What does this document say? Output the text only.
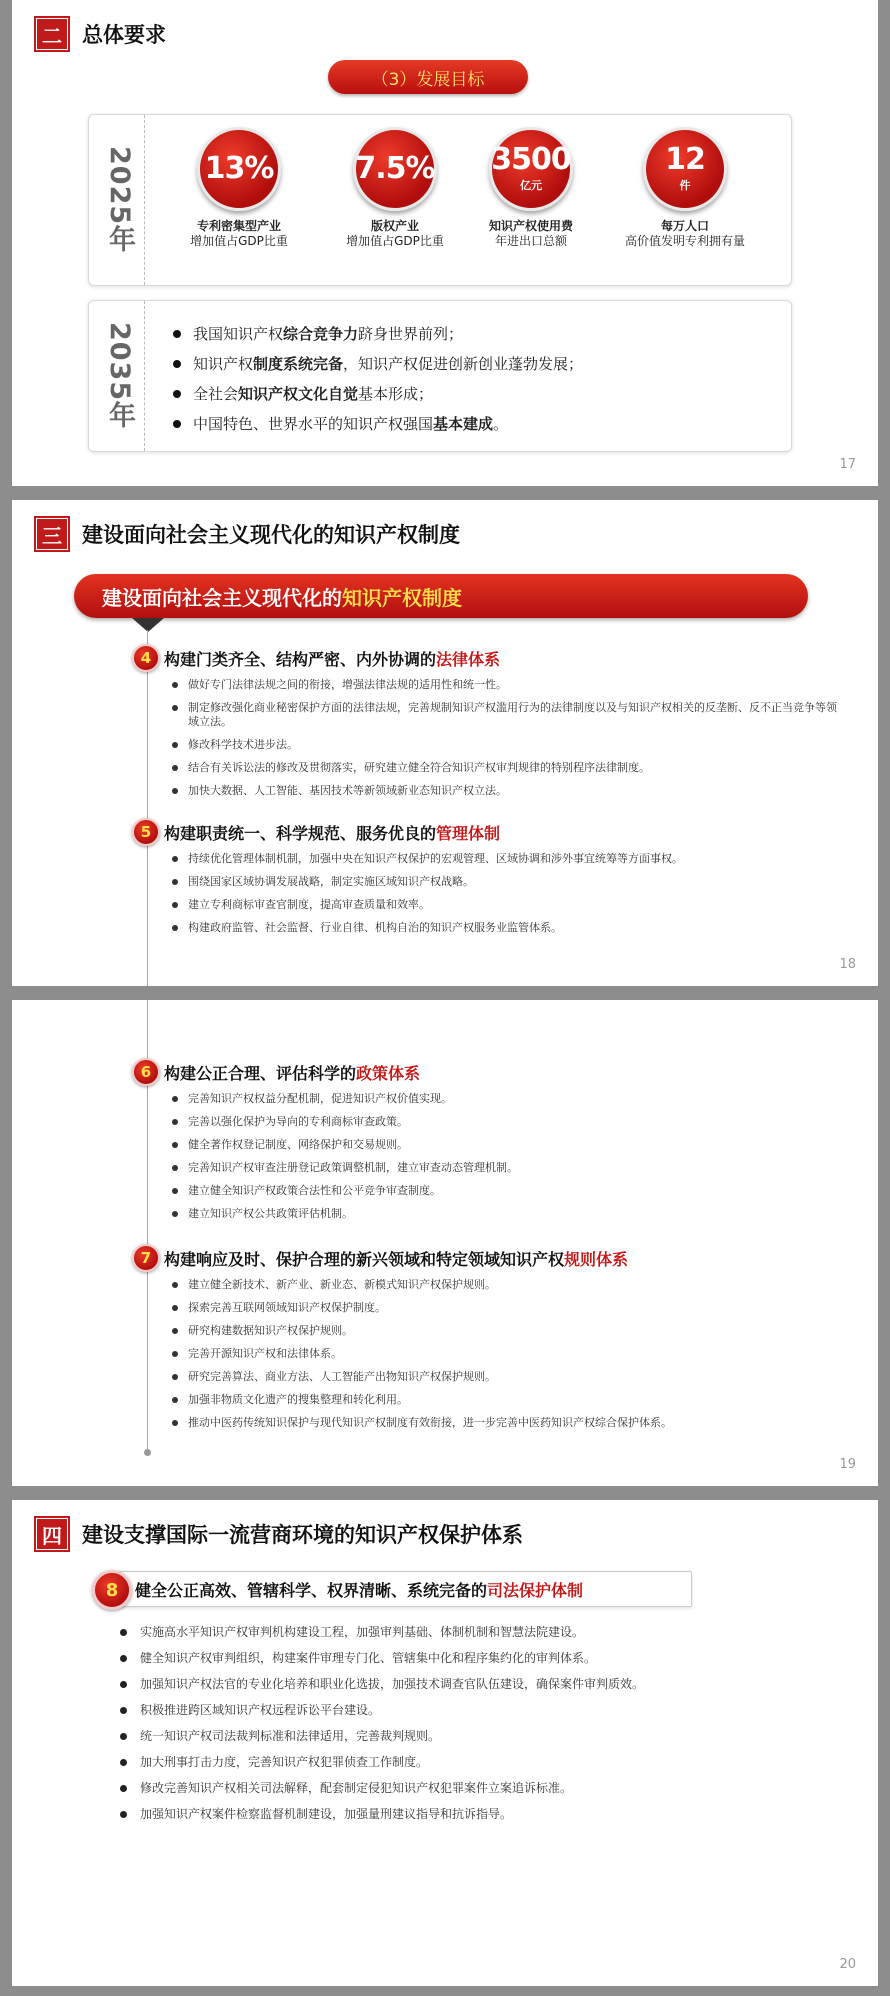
二 总体要求
（3）发展目标
2025年 13%
专利密集型产业
增加值占GDP比重
7.5%
版权产业
增加值占GDP比重
3500
亿元
知识产权使用费
年进出口总额
12
件
每万人口
高价值发明专利拥有量
2035年	我国知识产权综合竞争力跻身世界前列；
知识产权制度系统完备，知识产权促进创新创业蓬勃发展；
全社会知识产权文化自觉基本形成；
中国特色、世界水平的知识产权强国基本建成。
17
三 建设面向社会主义现代化的知识产权制度
建设面向社会主义现代化的 知识产权制度
4 构建门类齐全、结构严密、内外协调的法律体系
做好专门法律法规之间的衔接，增强法律法规的适用性和统一性。
制定修改强化商业秘密保护方面的法律法规，完善规制知识产权滥用行为的法律制度以及与知识产权相关的反垄断、反不正当竞争等领域立法。
修改科学技术进步法。
结合有关诉讼法的修改及贯彻落实，研究建立健全符合知识产权审判规律的特别程序法律制度。
加快大数据、人工智能、基因技术等新领域新业态知识产权立法。
5 构建职责统一、科学规范、服务优良的管理体制
持续优化管理体制机制，加强中央在知识产权保护的宏观管理、区域协调和涉外事宜统筹等方面事权。
围绕国家区域协调发展战略，制定实施区域知识产权战略。
建立专利商标审查官制度，提高审查质量和效率。
构建政府监管、社会监督、行业自律、机构自治的知识产权服务业监管体系。
18
6 构建公正合理、评估科学的政策体系
完善知识产权权益分配机制，促进知识产权价值实现。
完善以强化保护为导向的专利商标审查政策。
健全著作权登记制度、网络保护和交易规则。
完善知识产权审查注册登记政策调整机制，建立审查动态管理机制。
建立健全知识产权政策合法性和公平竞争审查制度。
建立知识产权公共政策评估机制。
7 构建响应及时、保护合理的新兴领域和特定领域知识产权规则体系
建立健全新技术、新产业、新业态、新模式知识产权保护规则。
探索完善互联网领域知识产权保护制度。
研究构建数据知识产权保护规则。
完善开源知识产权和法律体系。
研究完善算法、商业方法、人工智能产出物知识产权保护规则。
加强非物质文化遗产的搜集整理和转化利用。
推动中医药传统知识保护与现代知识产权制度有效衔接，进一步完善中医药知识产权综合保护体系。
19
四 建设支撑国际一流营商环境的知识产权保护体系
健全公正高效、管辖科学、权界清晰、系统完备的 司法保护体制
8
实施高水平知识产权审判机构建设工程，加强审判基础、体制机制和智慧法院建设。
健全知识产权审判组织，构建案件审理专门化、管辖集中化和程序集约化的审判体系。
加强知识产权法官的专业化培养和职业化选拔，加强技术调查官队伍建设，确保案件审判质效。
积极推进跨区域知识产权远程诉讼平台建设。
统一知识产权司法裁判标准和法律适用，完善裁判规则。
加大刑事打击力度，完善知识产权犯罪侦查工作制度。
修改完善知识产权相关司法解释，配套制定侵犯知识产权犯罪案件立案追诉标准。
加强知识产权案件检察监督机制建设，加强量刑建议指导和抗诉指导。
20
